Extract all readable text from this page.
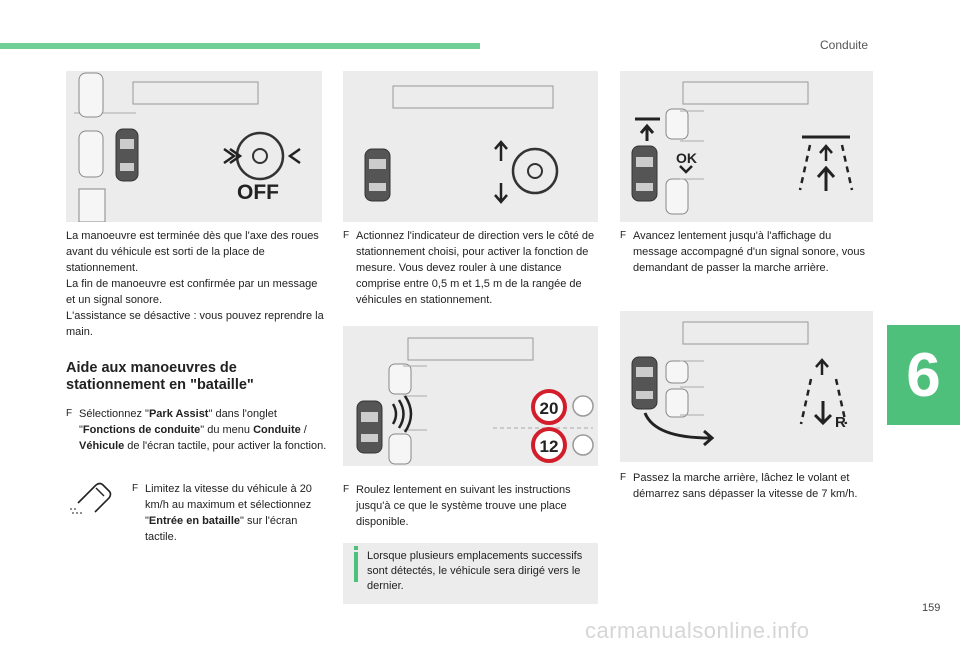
Conduite
6
159
carmanualsonline.info
OFF
OK
20
12
R

La manoeuvre est terminée dès que l'axe des roues avant du véhicule est sorti de la place de stationnement.

La fin de manoeuvre est confirmée par un message et un signal sonore.

L'assistance se désactive : vous pouvez reprendre la main.

Aide aux manoeuvres de stationnement en "bataille"
F Sélectionnez "Park Assist" dans l'onglet "Fonctions de conduite" du menu Conduite / Véhicule de l'écran tactile, pour activer la fonction.
F Limitez la vitesse du véhicule à 20 km/h au maximum et sélectionnez "Entrée en bataille" sur l'écran tactile.
F Actionnez l'indicateur de direction vers le côté de stationnement choisi, pour activer la fonction de mesure. Vous devez rouler à une distance comprise entre 0,5 m et 1,5 m de la rangée de véhicules en stationnement.
F Roulez lentement en suivant les instructions jusqu'à ce que le système trouve une place disponible.
Lorsque plusieurs emplacements successifs sont détectés, le véhicule sera dirigé vers le dernier.
F Avancez lentement jusqu'à l'affichage du message accompagné d'un signal sonore, vous demandant de passer la marche arrière.
F Passez la marche arrière, lâchez le volant et démarrez sans dépasser la vitesse de 7 km/h.
